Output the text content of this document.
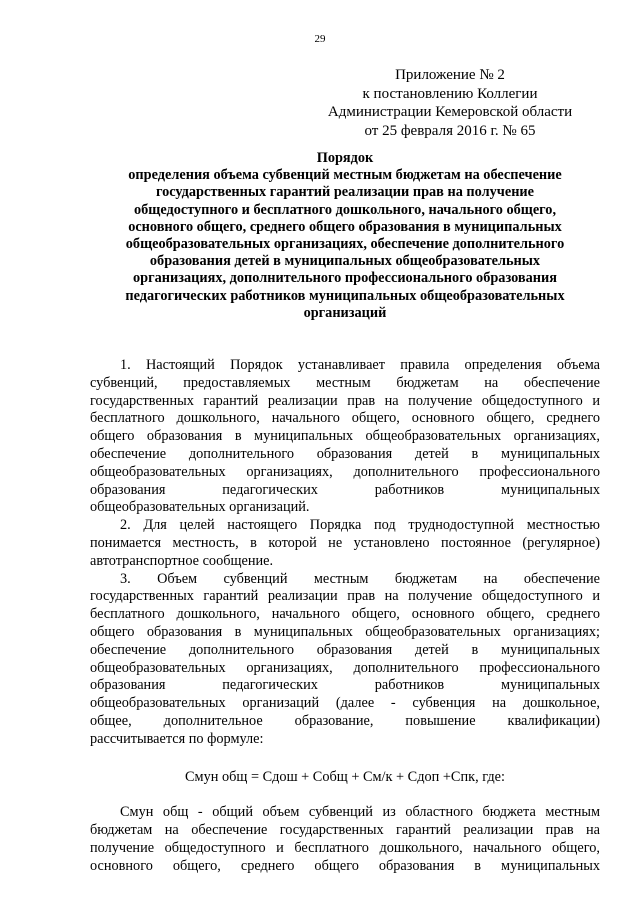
29
Приложение № 2
к постановлению Коллегии
Администрации Кемеровской области
от 25 февраля 2016 г. № 65
Порядок
определения объема субвенций местным бюджетам на обеспечение
государственных гарантий реализации прав на получение
общедоступного и бесплатного дошкольного, начального общего,
основного общего, среднего общего образования в муниципальных
общеобразовательных организациях, обеспечение дополнительного
образования детей в муниципальных общеобразовательных
организациях, дополнительного профессионального образования
педагогических работников муниципальных общеобразовательных
организаций
1. Настоящий Порядок устанавливает правила определения объема
субвенций, предоставляемых местным бюджетам на обеспечение
государственных гарантий реализации прав на получение общедоступного и
бесплатного дошкольного, начального общего, основного общего, среднего
общего образования в муниципальных общеобразовательных организациях,
обеспечение дополнительного образования детей в муниципальных
общеобразовательных организациях, дополнительного профессионального
образования педагогических работников муниципальных
общеобразовательных организаций.
2. Для целей настоящего Порядка под труднодоступной местностью
понимается местность, в которой не установлено постоянное (регулярное)
автотранспортное сообщение.
3. Объем субвенций местным бюджетам на обеспечение
государственных гарантий реализации прав на получение общедоступного и
бесплатного дошкольного, начального общего, основного общего, среднего
общего образования в муниципальных общеобразовательных организациях;
обеспечение дополнительного образования детей в муниципальных
общеобразовательных организациях, дополнительного профессионального
образования педагогических работников муниципальных
общеобразовательных организаций (далее - субвенция на дошкольное,
общее, дополнительное образование, повышение квалификации)
рассчитывается по формуле:
Смун общ = Сдош + Собщ + См/к + Сдоп +Спк, где:
Смун общ - общий объем субвенций из областного бюджета местным
бюджетам на обеспечение государственных гарантий реализации прав на
получение общедоступного и бесплатного дошкольного, начального общего,
основного общего, среднего общего образования в муниципальных
